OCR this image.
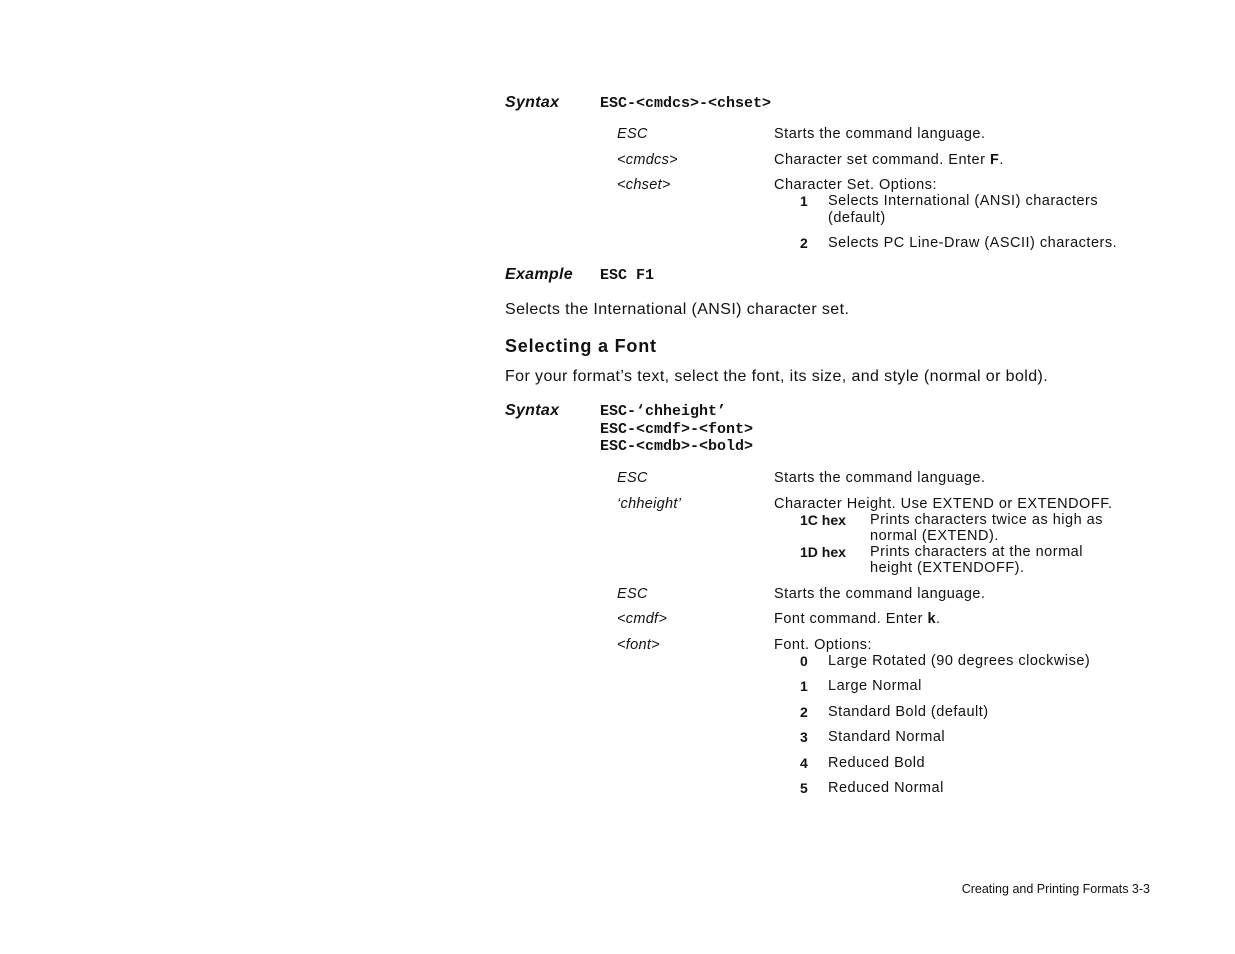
Syntax	ESC-<cmdcs>-<chset>
ESC	Starts the command language.
<cmdcs>	Character set command. Enter F.
<chset>	Character Set. Options:
1 Selects International (ANSI) characters
(default)
2 Selects PC Line-Draw (ASCII) characters.
Example ESC F1
Selects the International (ANSI) character set.
Selecting a Font
For your format’s text, select the font, its size, and style (normal or bold).
Syntax	ESC-‘chheight’
ESC-<cmdf>-<font>
ESC-<cmdb>-<bold>
ESC	Starts the command language.
‘chheight’	Character Height. Use EXTEND or EXTENDOFF.
1C hex Prints characters twice as high as
normal (EXTEND).
1D hex Prints characters at the normal
height (EXTENDOFF).
ESC	Starts the command language.
<cmdf>	Font command. Enter k.
<font>	Font. Options:
0 Large Rotated (90 degrees clockwise)
1 Large Normal
2 Standard Bold (default)
3 Standard Normal
4 Reduced Bold
5 Reduced Normal
Creating and Printing Formats 3-3
